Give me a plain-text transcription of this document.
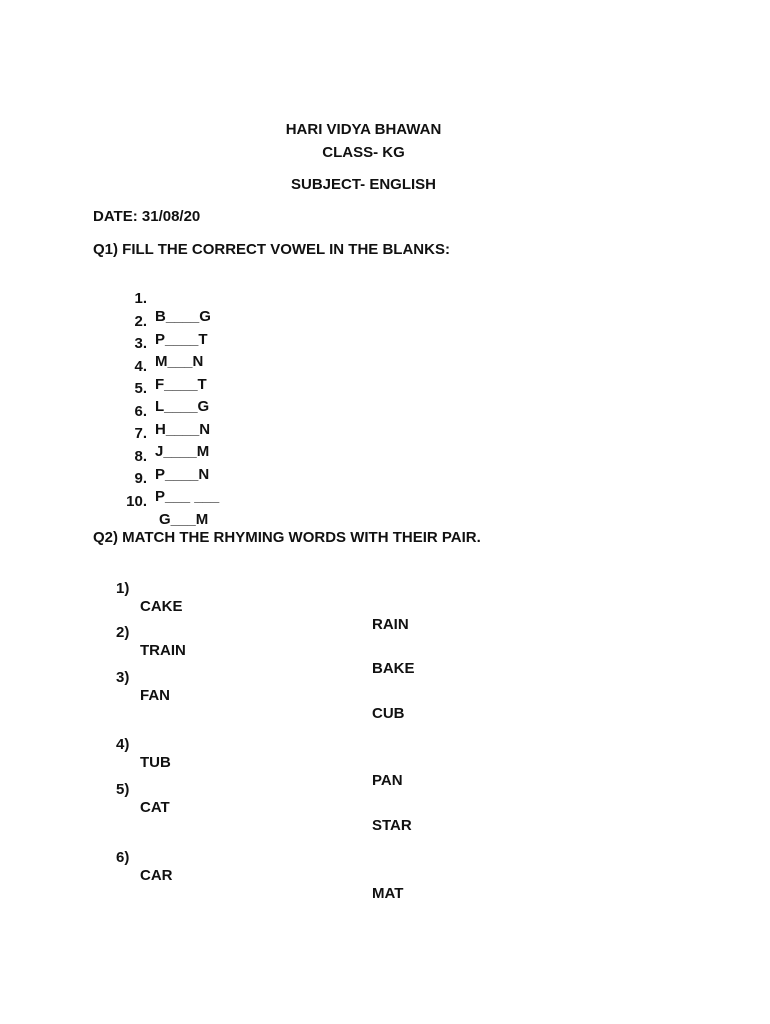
HARI VIDYA BHAWAN
CLASS- KG
SUBJECT- ENGLISH
DATE: 31/08/20
Q1) FILL THE CORRECT VOWEL IN THE BLANKS:

1.

B____G

2.

P____T

3.

M___N

4.

F____T

5.

L____G

6.

H____N

7.

J____M

8.

P____N

9.

P___ ___

10.

G___M

Q2) MATCH THE RHYMING WORDS WITH THEIR PAIR.

1)

CAKE

RAIN

2)

TRAIN

BAKE

3)

FAN

CUB

4)

TUB

PAN

5)

CAT

STAR

6)

CAR

MAT
